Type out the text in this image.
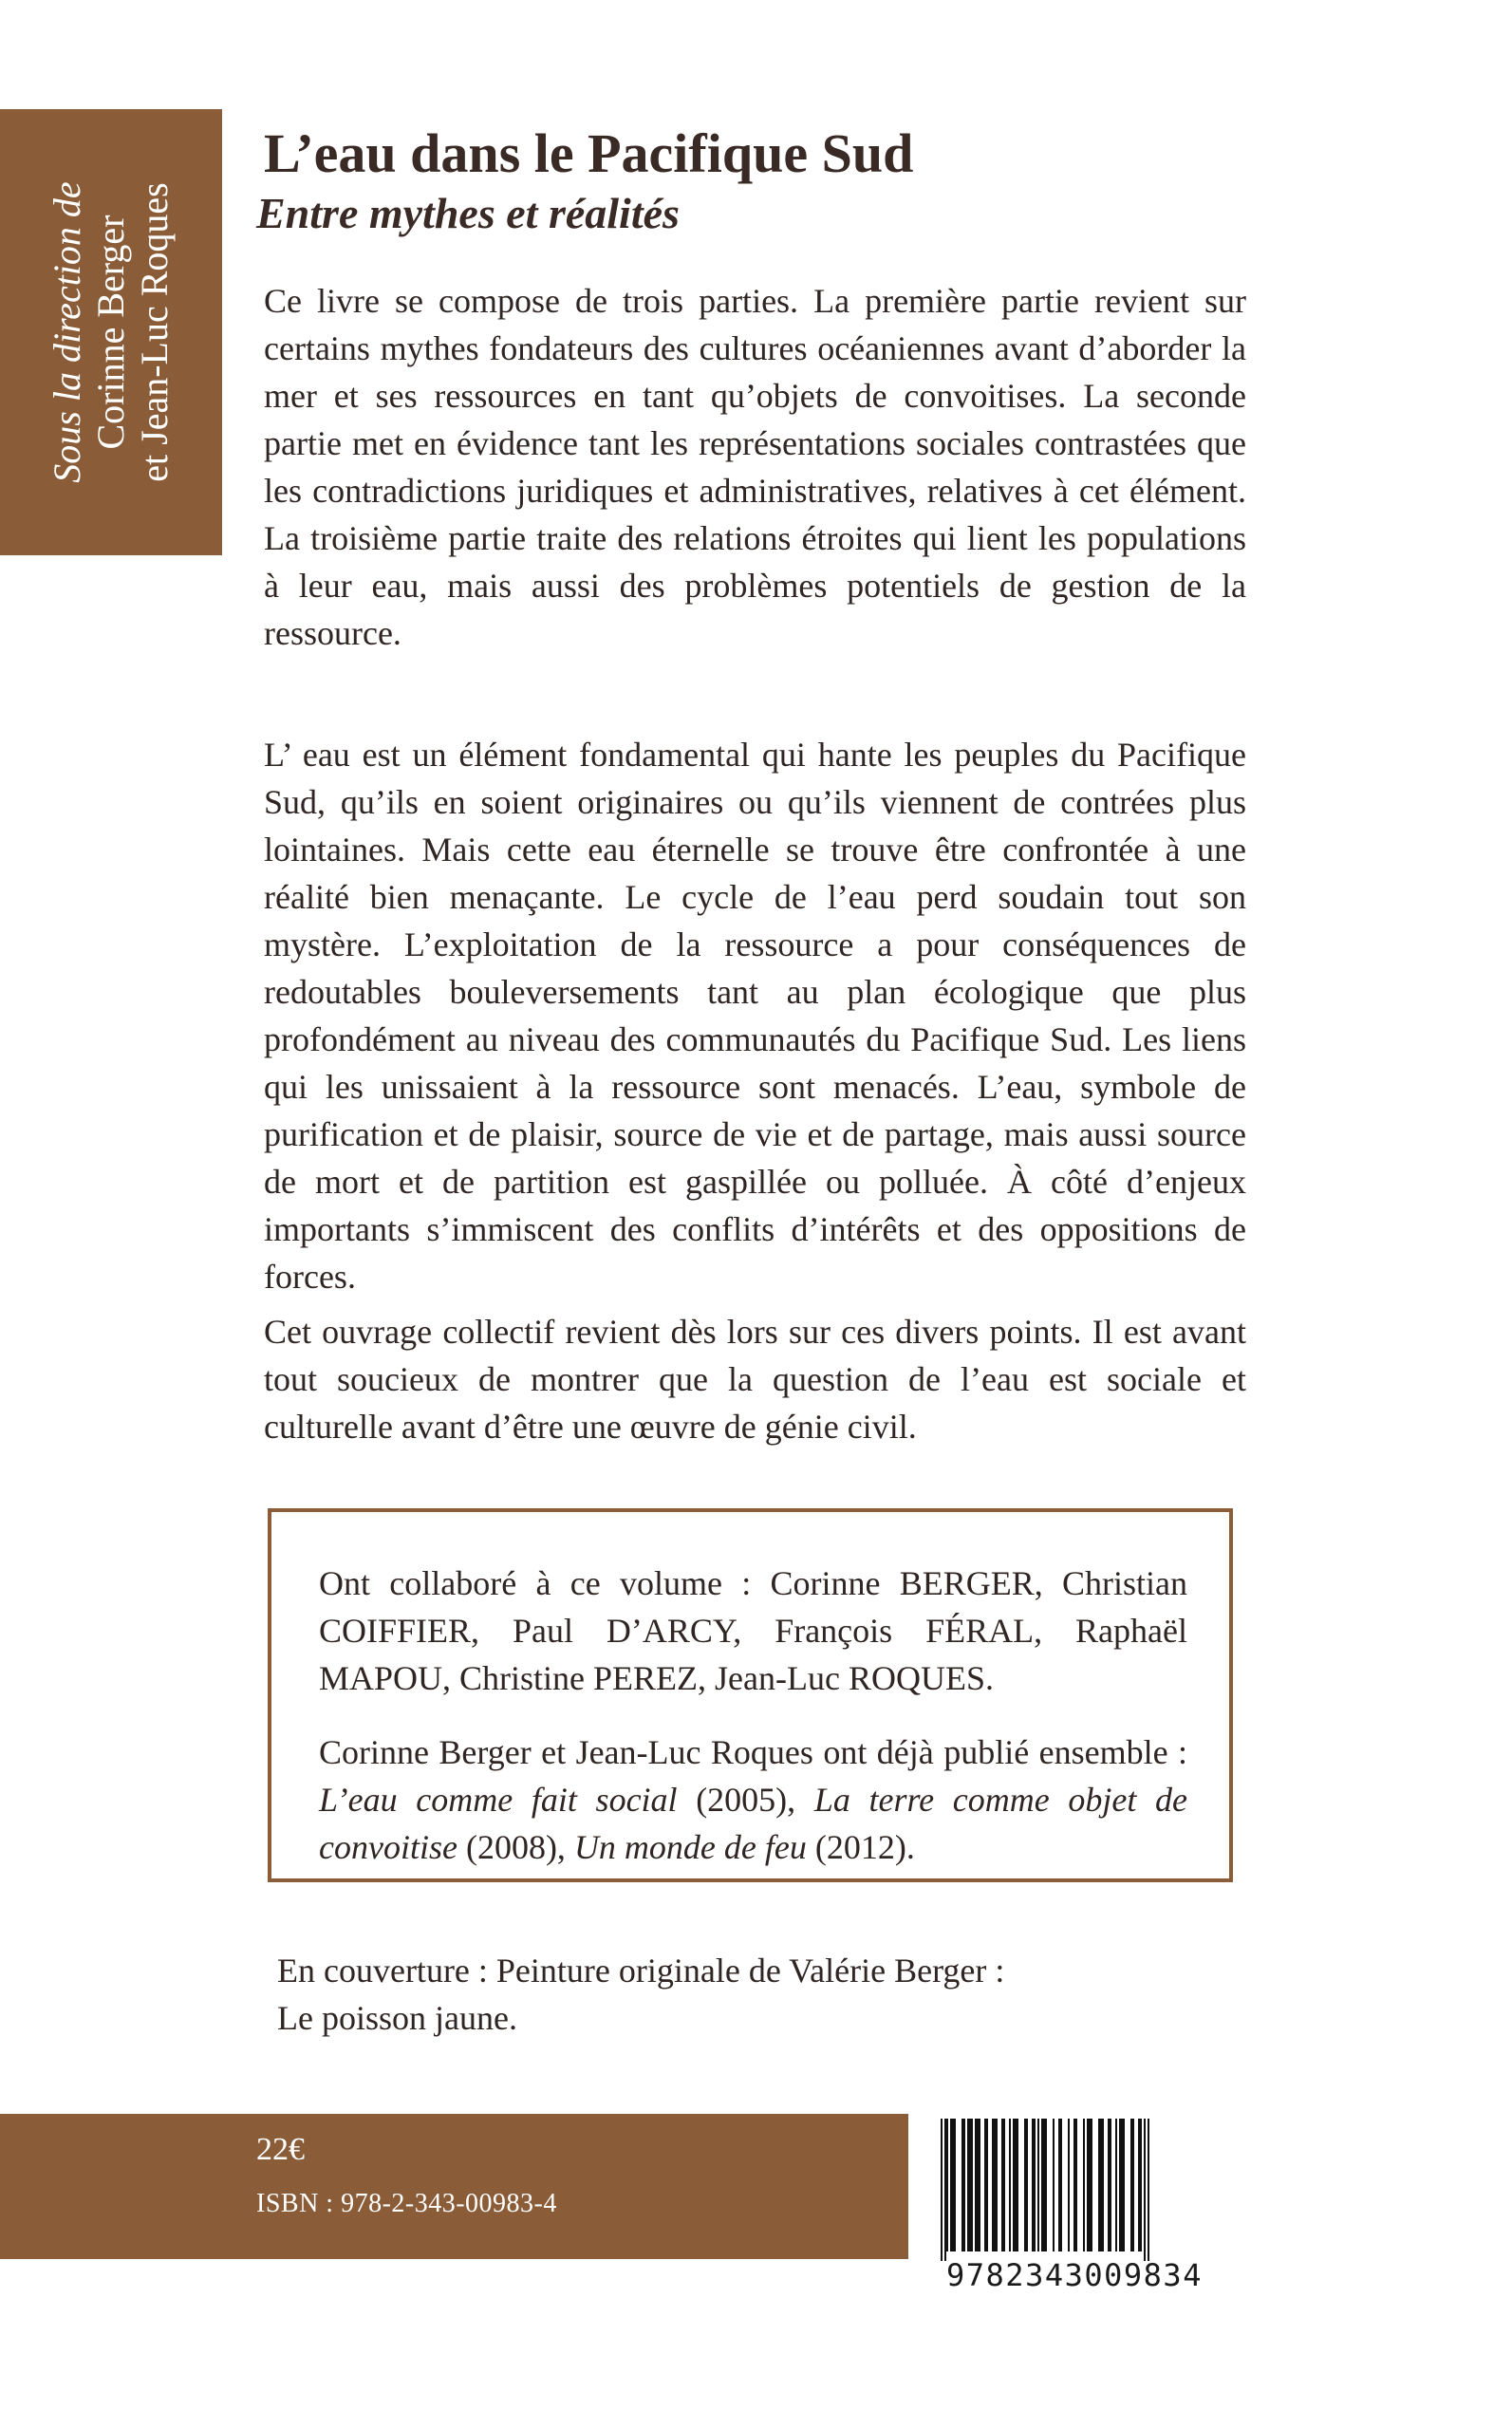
Sous la direction de Corinne Berger et Jean-Luc Roques
L’eau dans le Pacifique Sud
Entre mythes et réalités

Ce livre se compose de trois parties. La première partie revient sur certains mythes fondateurs des cultures océaniennes avant d’aborder la mer et ses ressources en tant qu’objets de convoitises. La seconde partie met en évidence tant les représentations sociales contrastées que les contradictions juridiques et administratives, relatives à cet élément. La troisième partie traite des relations étroites qui lient les populations à leur eau, mais aussi des problèmes potentiels de gestion de la ressource.

L’ eau est un élément fondamental qui hante les peuples du Pacifique Sud, qu’ils en soient originaires ou qu’ils viennent de contrées plus lointaines. Mais cette eau éternelle se trouve être confrontée à une réalité bien menaçante. Le cycle de l’eau perd soudain tout son mystère. L’exploitation de la ressource a pour conséquences de redoutables bouleversements tant au plan écologique que plus profondément au niveau des communautés du Pacifique Sud. Les liens qui les unissaient à la ressource sont menacés. L’eau, symbole de purification et de plaisir, source de vie et de partage, mais aussi source de mort et de partition est gaspillée ou polluée. À côté d’enjeux importants s’immiscent des conflits d’intérêts et des oppositions de forces.

Cet ouvrage collectif revient dès lors sur ces divers points. Il est avant tout soucieux de montrer que la question de l’eau est sociale et culturelle avant d’être une œuvre de génie civil.

Ont collaboré à ce volume : Corinne BERGER, Christian COIFFIER, Paul D’ARCY, François FÉRAL, Raphaël MAPOU, Christine PEREZ, Jean-Luc ROQUES.

Corinne Berger et Jean-Luc Roques ont déjà publié ensemble : L’eau comme fait social (2005), La terre comme objet de convoitise (2008), Un monde de feu (2012).

En couverture : Peinture originale de Valérie Berger :
Le poisson jaune.

22€

ISBN : 978-2-343-00983-4

9782343009834
